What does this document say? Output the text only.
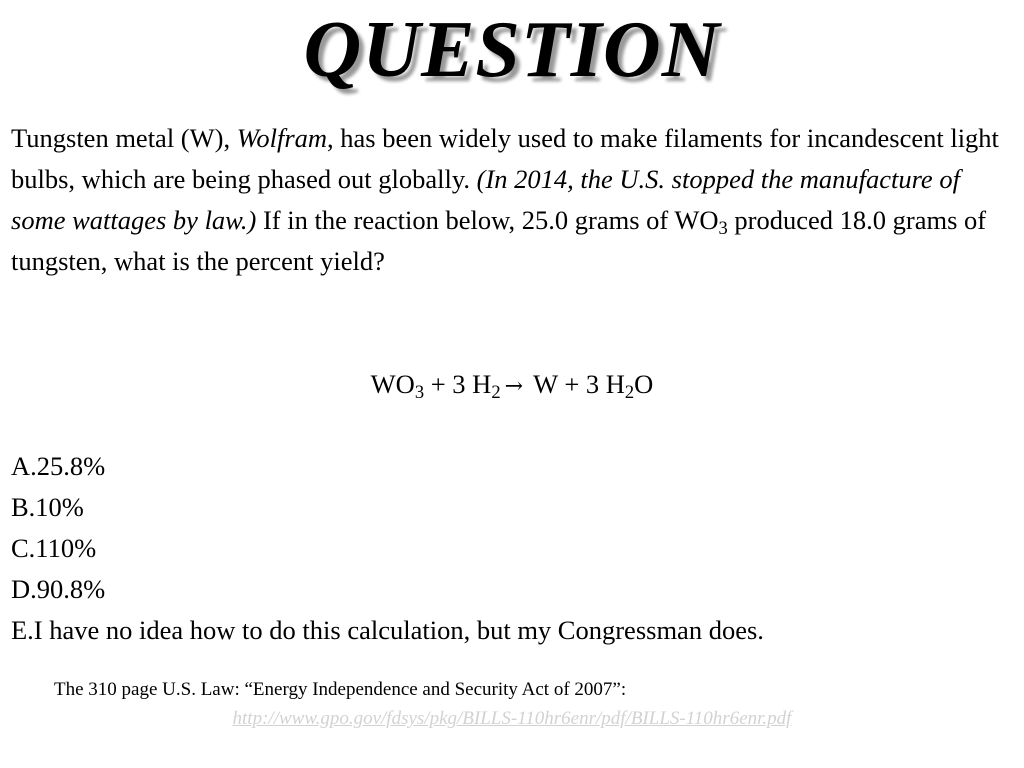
QUESTION

Tungsten metal (W), Wolfram, has been widely used to make filaments for incandescent light bulbs, which are being phased out globally. (In 2014, the U.S. stopped the manufacture of some wattages by law.) If in the reaction below, 25.0 grams of WO3 produced 18.0 grams of tungsten, what is the percent yield?

WO3 + 3 H2 → W + 3 H2O
A.25.8%
B.10%
C.110%
D.90.8%
E.I have no idea how to do this calculation, but my Congressman does.
The 310 page U.S. Law: “Energy Independence and Security Act of 2007”:
http://www.gpo.gov/fdsys/pkg/BILLS-110hr6enr/pdf/BILLS-110hr6enr.pdf
